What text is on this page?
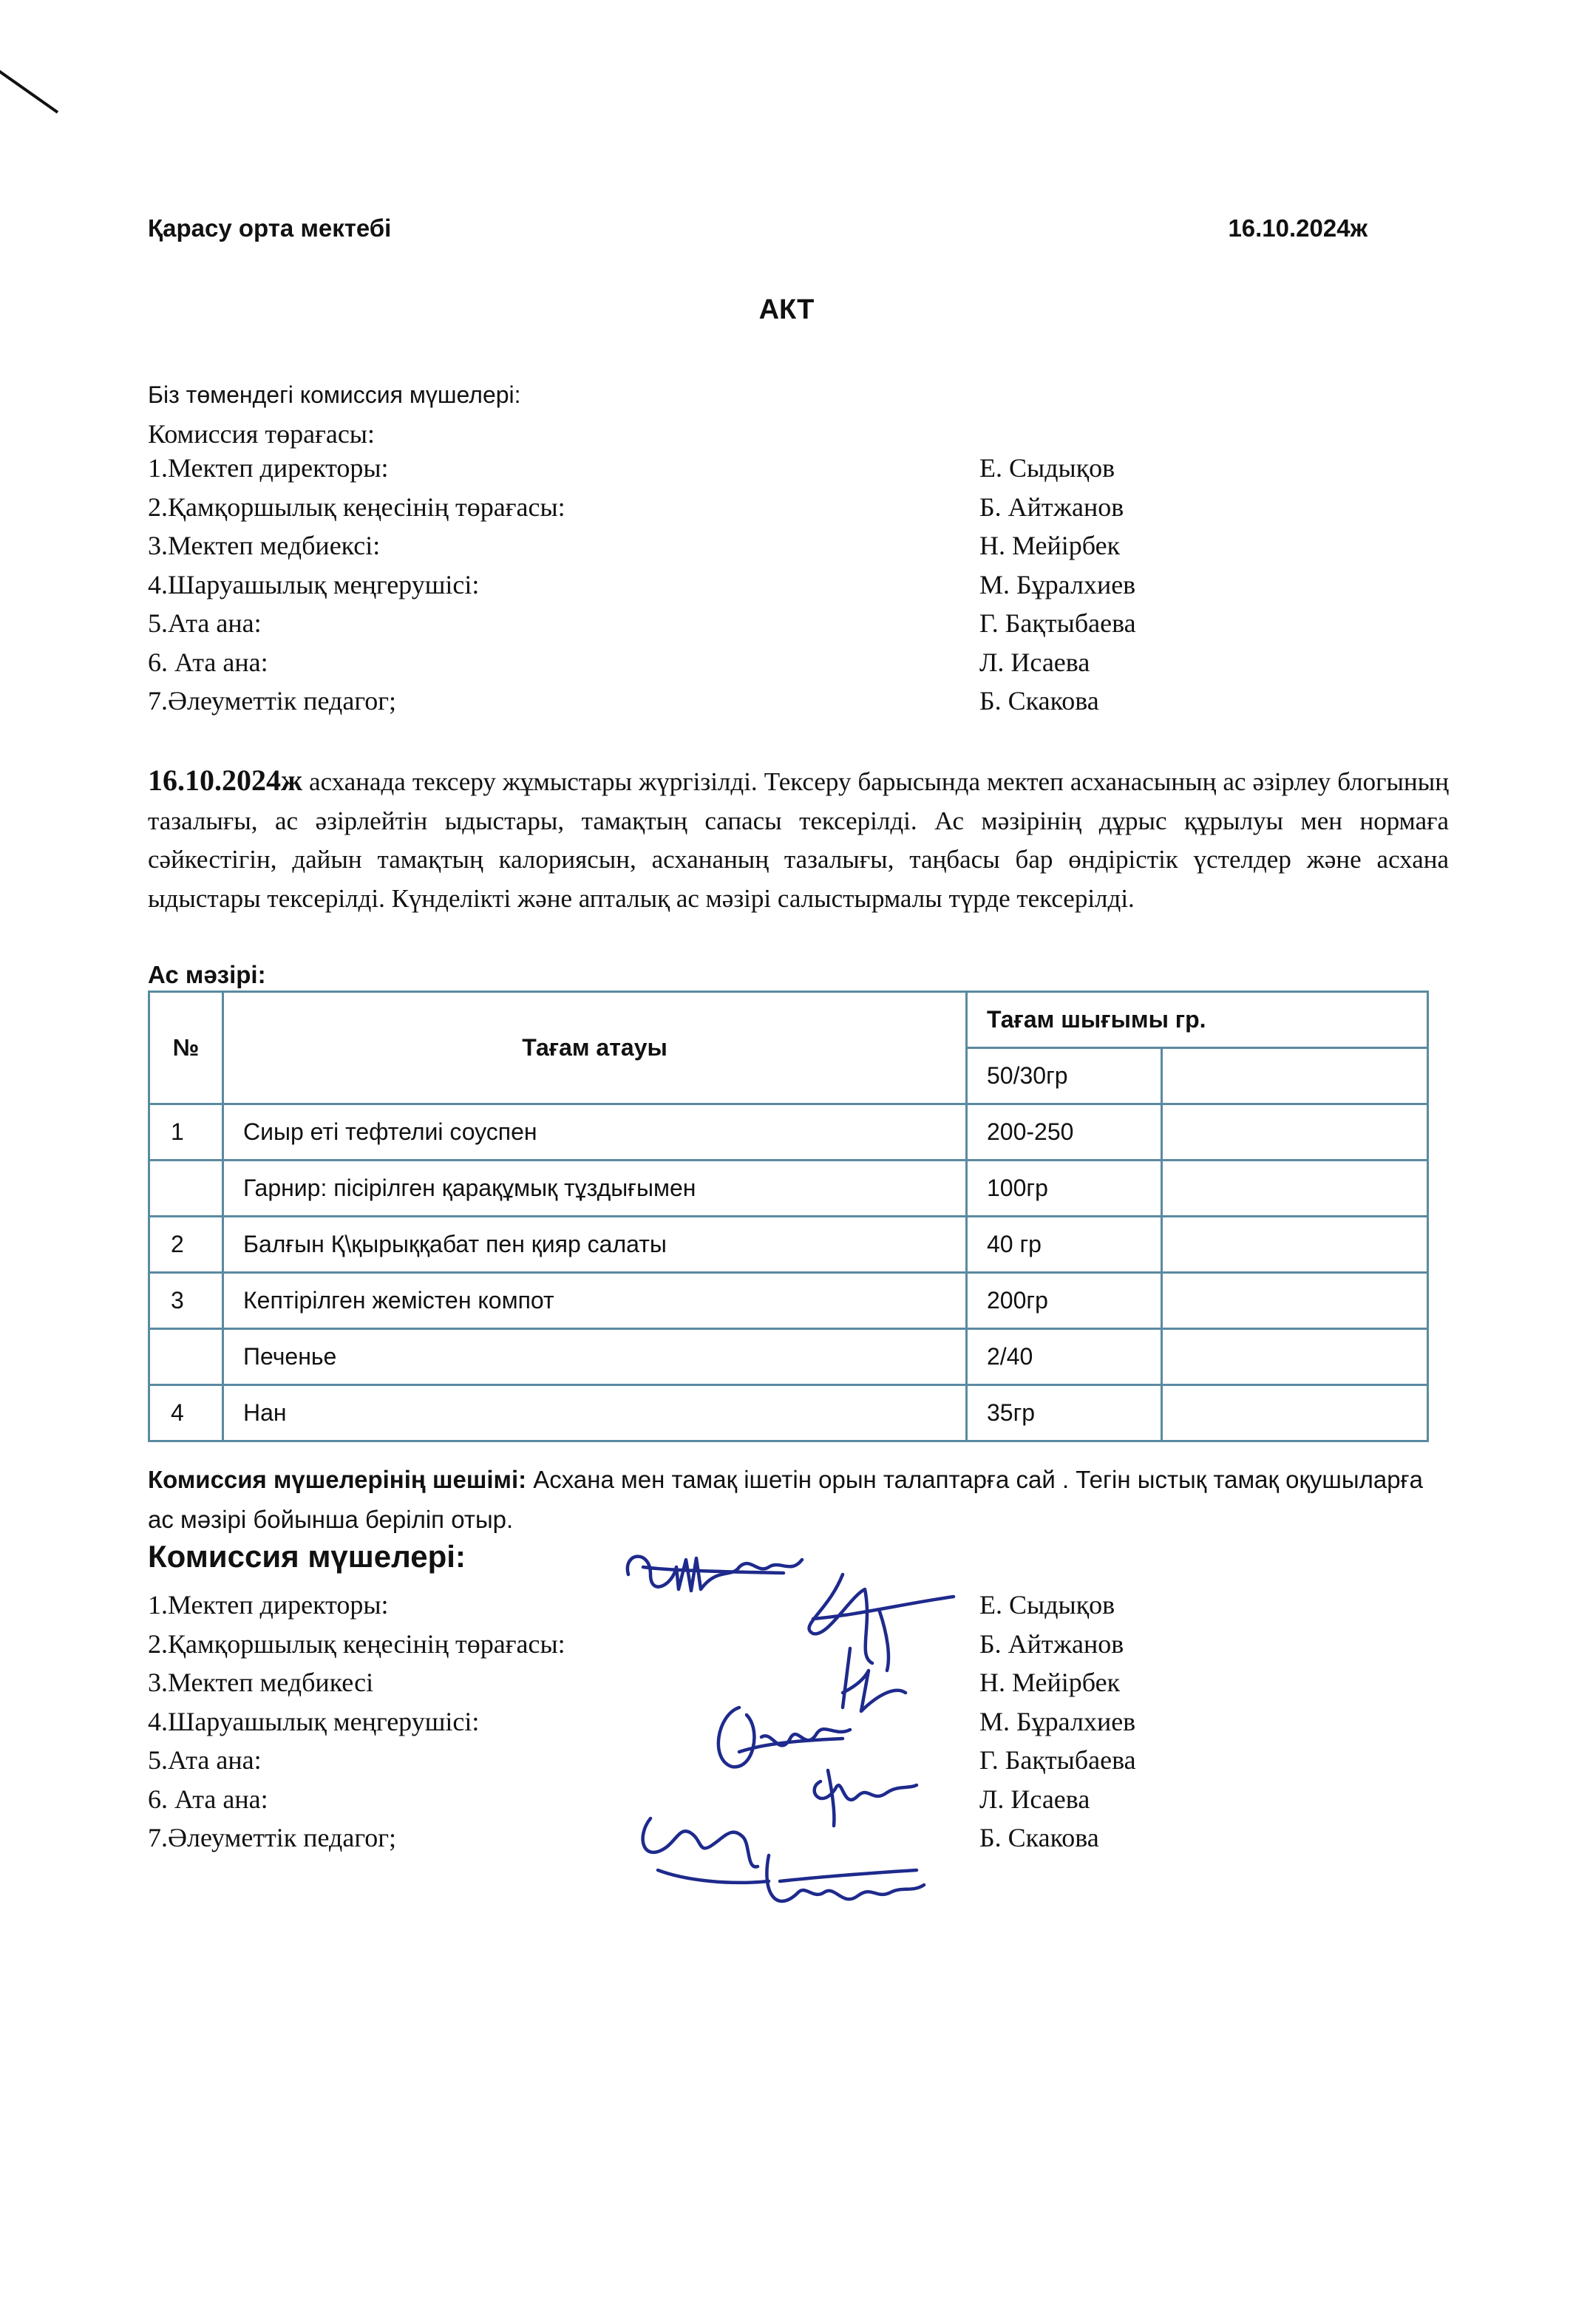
Қарасу орта мектебі	16.10.2024ж
АКТ
Біз төмендегі комиссия мүшелері:
Комиссия төрағасы:
1.Мектеп директоры:	Е. Сыдықов
2.Қамқоршылық кеңесінің төрағасы:	Б. Айтжанов
3.Мектеп медбиексі:	Н. Мейірбек
4.Шаруашылық меңгерушісі:	М. Бұралхиев
5.Ата ана:	Г. Бақтыбаева
6. Ата ана:	Л. Исаева
7.Әлеуметтік педагог;	Б. Скакова
16.10.2024ж асханада тексеру жұмыстары жүргізілді. Тексеру барысында мектеп асханасының ас әзірлеу блогының тазалығы, ас әзірлейтін ыдыстары, тамақтың сапасы тексерілді. Ас мәзірінің дұрыс құрылуы мен нормаға сәйкестігін, дайын тамақтың калориясын, асхананың тазалығы, таңбасы бар өндірістік үстелдер және асхана ыдыстары тексерілді. Күнделікті және апталық ас мәзірі салыстырмалы түрде тексерілді.
Ас мәзірі:
№	Тағам атауы	Тағам шығымы гр.	
		50/30гр	
1	Сиыр еті тефтелиі соуспен	200-250	
	Гарнир: пісірілген қарақұмық тұздығымен	100гр	
2	Балғын Қ\қырыққабат пен қияр салаты	40 гр	
3	Кептірілген жемістен компот	200гр	
	Печенье	2/40	
4	Нан	35гр	
Комиссия мүшелерінің шешімі: Асхана мен тамақ ішетін орын талаптарға сай . Тегін ыстық тамақ оқушыларға ас мәзірі бойынша беріліп отыр.
Комиссия мүшелері:
1.Мектеп директоры:	Е. Сыдықов
2.Қамқоршылық кеңесінің төрағасы:	Б. Айтжанов
3.Мектеп медбикесі	Н. Мейірбек
4.Шаруашылық меңгерушісі:	М. Бұралхиев
5.Ата ана:	Г. Бақтыбаева
6. Ата ана:	Л. Исаева
7.Әлеуметтік педагог;	Б. Скакова
